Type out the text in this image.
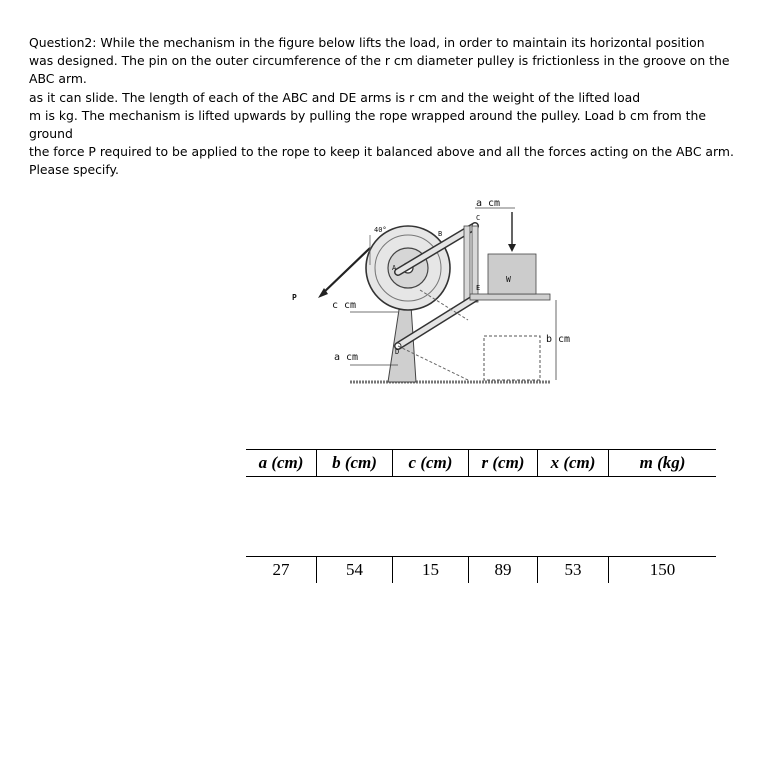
Question2: While the mechanism in the figure below lifts the load, in order to maintain its horizontal position

was designed. The pin on the outer circumference of the r cm diameter pulley is frictionless in the groove on the

ABC arm.

as it can slide. The length of each of the ABC and DE arms is r cm and the weight of the lifted load

m is kg. The mechanism is lifted upwards by pulling the rope wrapped around the pulley. Load b cm from the ground

the force P required to be applied to the rope to keep it balanced above and all the forces acting on the ABC arm.

Please specify.

a cm
40°
P
c cm
a cm
b cm
W
A
B
C
D
E
a (cm)	b (cm)	c (cm)	r (cm)	x (cm)	m (kg)
27	54	15	89	53	150
